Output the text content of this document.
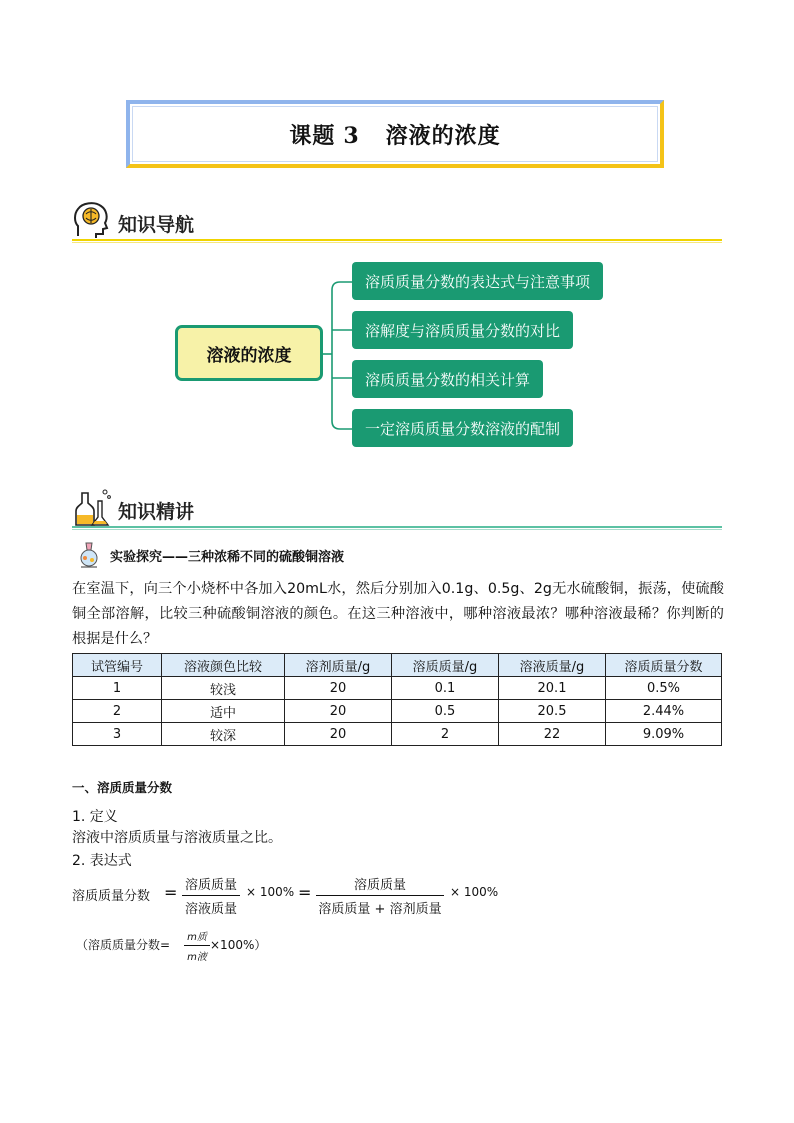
课题 3 溶液的浓度
知识导航
溶液的浓度
溶质质量分数的表达式与注意事项
溶解度与溶质质量分数的对比
溶质质量分数的相关计算
一定溶质质量分数溶液的配制
知识精讲
实验探究——三种浓稀不同的硫酸铜溶液
在室温下，向三个小烧杯中各加入20mL水，然后分别加入0.1g、0.5g、2g无水硫酸铜，振荡，使硫酸铜全部溶解，比较三种硫酸铜溶液的颜色。在这三种溶液中，哪种溶液最浓？哪种溶液最稀？你判断的根据是什么？
试管编号	溶液颜色比较	溶剂质量/g	溶质质量/g	溶液质量/g	溶质质量分数
1	较浅	20	0.1	20.1	0.5%
2	适中	20	0.5	20.5	2.44%
3	较深	20	2	22	9.09%
一、溶质质量分数
1. 定义
溶液中溶质质量与溶液质量之比。
2. 表达式
溶质质量分数 = 溶质质量
溶液质量
× 100% =	溶质质量
溶质质量 + 溶剂质量
× 100%
（溶质质量分数=
m质
m液
×100%）
